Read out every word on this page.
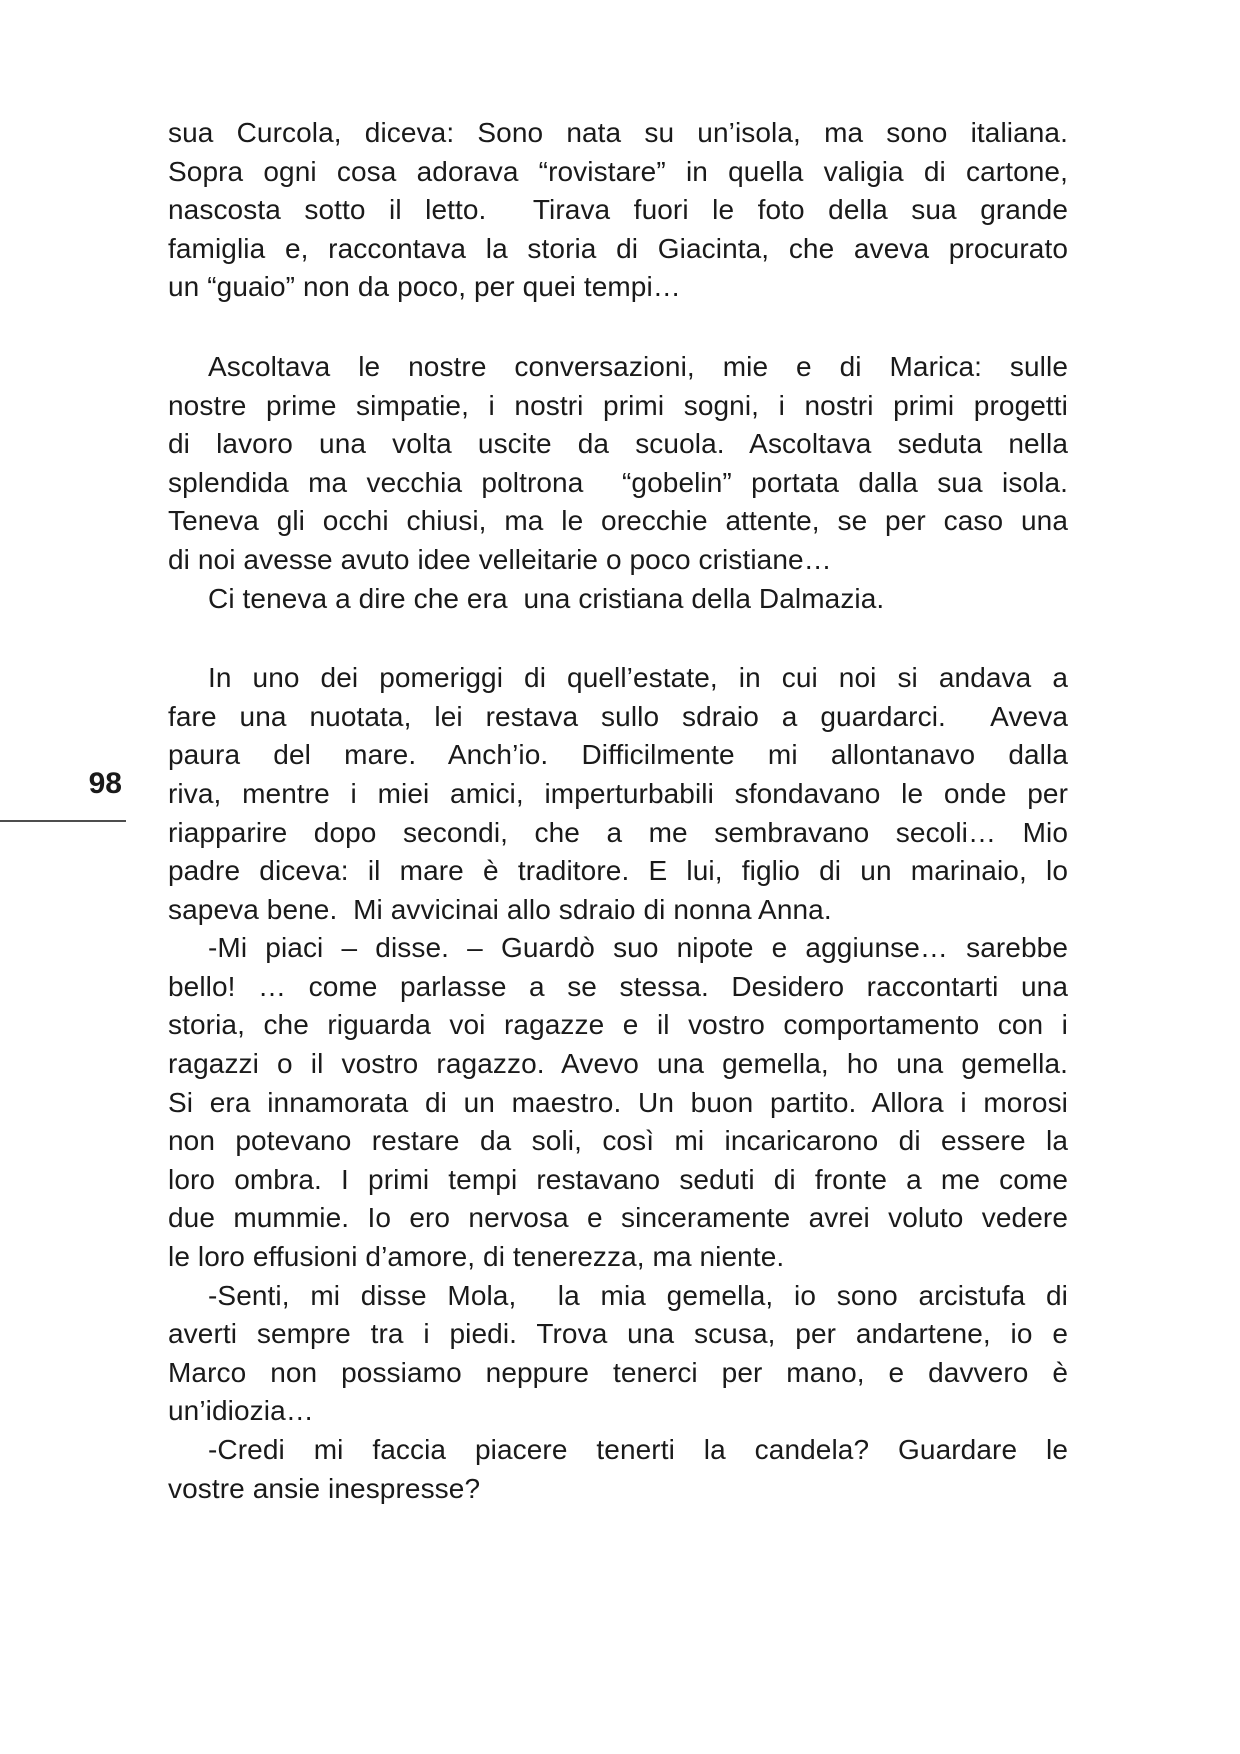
98
sua Curcola, diceva: Sono nata su un’isola, ma sono italiana.
Sopra ogni cosa adorava “rovistare” in quella valigia di cartone,
nascosta sotto il letto.  Tirava fuori le foto della sua grande
famiglia e, raccontava la storia di Giacinta, che aveva procurato
un “guaio” non da poco, per quei tempi…
Ascoltava le nostre conversazioni, mie e di Marica: sulle
nostre prime simpatie, i nostri primi sogni, i nostri primi progetti
di lavoro una volta uscite da scuola. Ascoltava seduta nella
splendida ma vecchia poltrona  “gobelin” portata dalla sua isola.
Teneva gli occhi chiusi, ma le orecchie attente, se per caso una
di noi avesse avuto idee velleitarie o poco cristiane…
Ci teneva a dire che era  una cristiana della Dalmazia.
In uno dei pomeriggi di quell’estate, in cui noi si andava a
fare una nuotata, lei restava sullo sdraio a guardarci.  Aveva
paura del mare. Anch’io. Difficilmente mi allontanavo dalla
riva, mentre i miei amici, imperturbabili sfondavano le onde per
riapparire dopo secondi, che a me sembravano secoli… Mio
padre diceva: il mare è traditore. E lui, figlio di un marinaio, lo
sapeva bene.  Mi avvicinai allo sdraio di nonna Anna.
-Mi piaci – disse. – Guardò suo nipote e aggiunse… sarebbe
bello! … come parlasse a se stessa. Desidero raccontarti una
storia, che riguarda voi ragazze e il vostro comportamento con i
ragazzi o il vostro ragazzo. Avevo una gemella, ho una gemella.
Si era innamorata di un maestro. Un buon partito. Allora i morosi
non potevano restare da soli, così mi incaricarono di essere la
loro ombra. I primi tempi restavano seduti di fronte a me come
due mummie. Io ero nervosa e sinceramente avrei voluto vedere
le loro effusioni d’amore, di tenerezza, ma niente.
-Senti, mi disse Mola,  la mia gemella, io sono arcistufa di
averti sempre tra i piedi. Trova una scusa, per andartene, io e
Marco non possiamo neppure tenerci per mano, e davvero è
un’idiozia…
-Credi mi faccia piacere tenerti la candela? Guardare le
vostre ansie inespresse?
